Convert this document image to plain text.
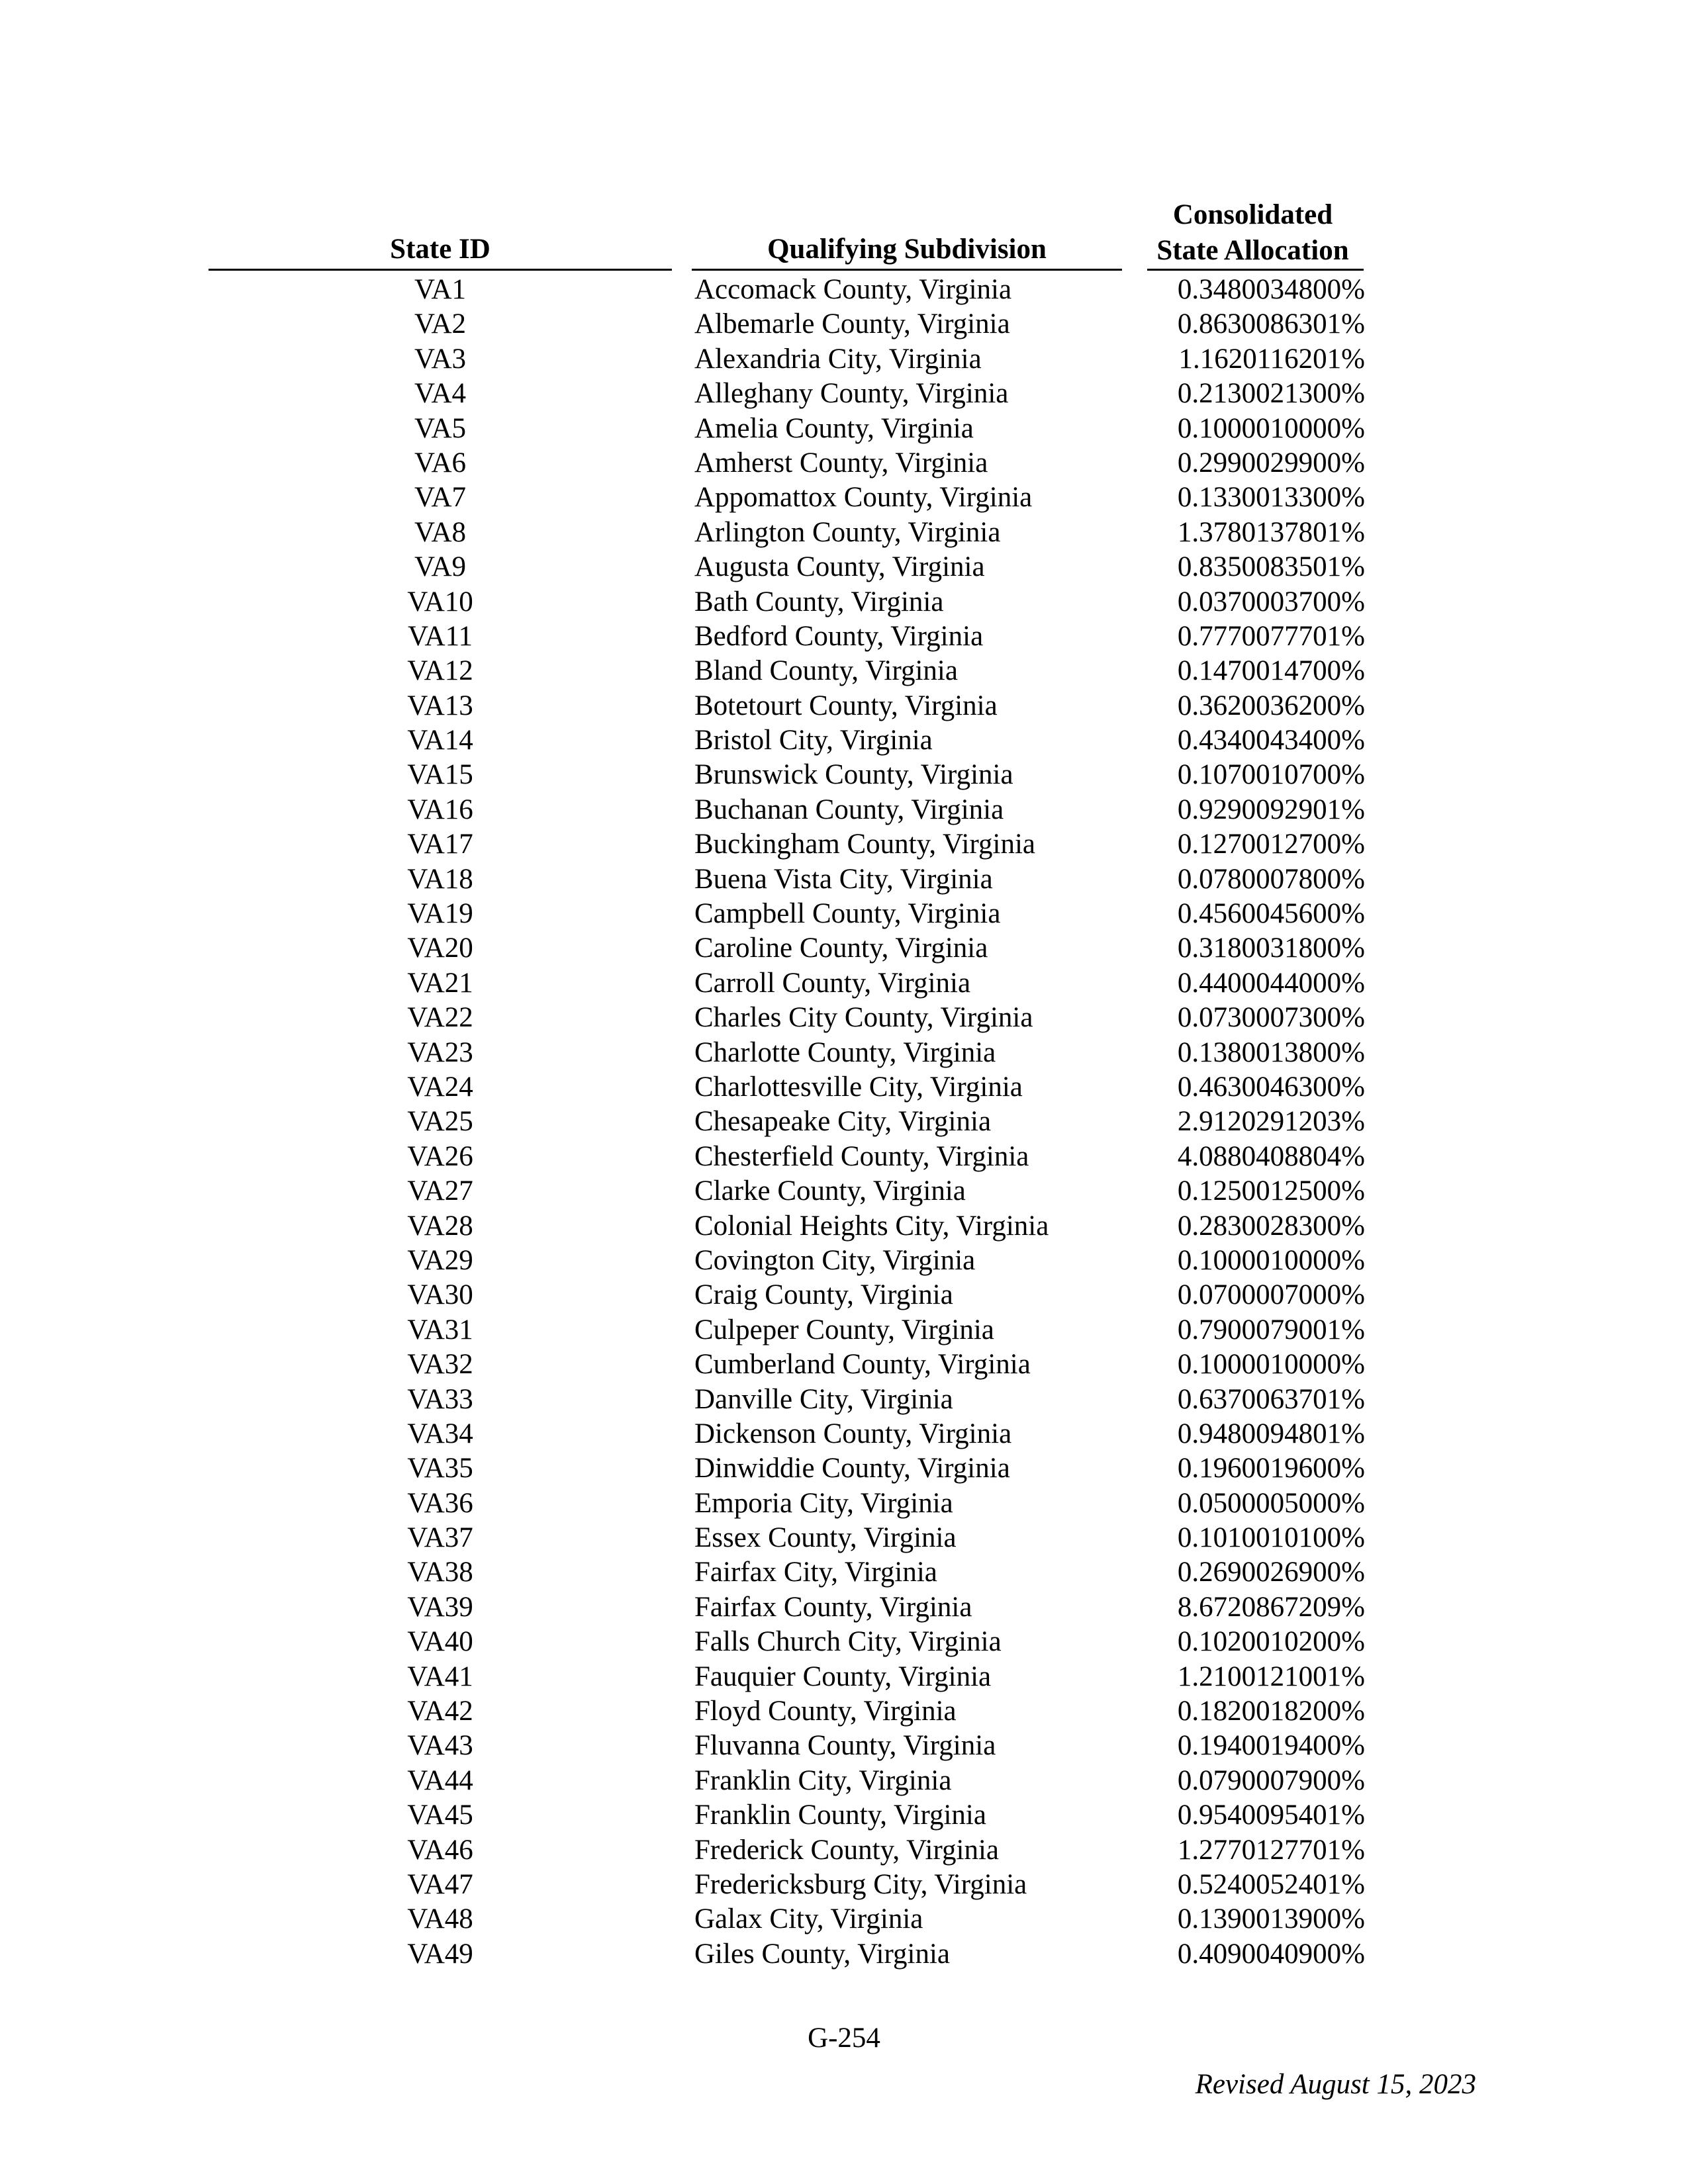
State ID	Qualifying Subdivision
Consolidated
State Allocation
VA1	Accomack County, Virginia	0.3480034800%
VA2	Albemarle County, Virginia	0.8630086301%
VA3	Alexandria City, Virginia	1.1620116201%
VA4	Alleghany County, Virginia	0.2130021300%
VA5	Amelia County, Virginia	0.1000010000%
VA6	Amherst County, Virginia	0.2990029900%
VA7	Appomattox County, Virginia	0.1330013300%
VA8	Arlington County, Virginia	1.3780137801%
VA9	Augusta County, Virginia	0.8350083501%
VA10	Bath County, Virginia	0.0370003700%
VA11	Bedford County, Virginia	0.7770077701%
VA12	Bland County, Virginia	0.1470014700%
VA13	Botetourt County, Virginia	0.3620036200%
VA14	Bristol City, Virginia	0.4340043400%
VA15	Brunswick County, Virginia	0.1070010700%
VA16	Buchanan County, Virginia	0.9290092901%
VA17	Buckingham County, Virginia	0.1270012700%
VA18	Buena Vista City, Virginia	0.0780007800%
VA19	Campbell County, Virginia	0.4560045600%
VA20	Caroline County, Virginia	0.3180031800%
VA21	Carroll County, Virginia	0.4400044000%
VA22	Charles City County, Virginia	0.0730007300%
VA23	Charlotte County, Virginia	0.1380013800%
VA24	Charlottesville City, Virginia	0.4630046300%
VA25	Chesapeake City, Virginia	2.9120291203%
VA26	Chesterfield County, Virginia	4.0880408804%
VA27	Clarke County, Virginia	0.1250012500%
VA28	Colonial Heights City, Virginia	0.2830028300%
VA29	Covington City, Virginia	0.1000010000%
VA30	Craig County, Virginia	0.0700007000%
VA31	Culpeper County, Virginia	0.7900079001%
VA32	Cumberland County, Virginia	0.1000010000%
VA33	Danville City, Virginia	0.6370063701%
VA34	Dickenson County, Virginia	0.9480094801%
VA35	Dinwiddie County, Virginia	0.1960019600%
VA36	Emporia City, Virginia	0.0500005000%
VA37	Essex County, Virginia	0.1010010100%
VA38	Fairfax City, Virginia	0.2690026900%
VA39	Fairfax County, Virginia	8.6720867209%
VA40	Falls Church City, Virginia	0.1020010200%
VA41	Fauquier County, Virginia	1.2100121001%
VA42	Floyd County, Virginia	0.1820018200%
VA43	Fluvanna County, Virginia	0.1940019400%
VA44	Franklin City, Virginia	0.0790007900%
VA45	Franklin County, Virginia	0.9540095401%
VA46	Frederick County, Virginia	1.2770127701%
VA47	Fredericksburg City, Virginia	0.5240052401%
VA48	Galax City, Virginia	0.1390013900%
VA49	Giles County, Virginia	0.4090040900%
G-254
Revised August 15, 2023
